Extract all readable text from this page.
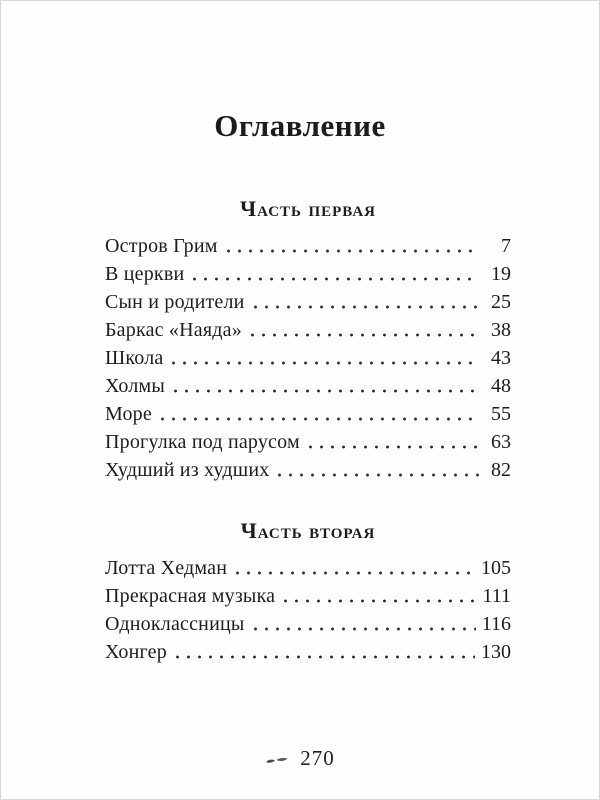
Оглавление
Часть первая
Остров Грим	7
В церкви	19
Сын и родители	25
Баркас «Наяда»	38
Школа	43
Холмы	48
Море	55
Прогулка под парусом	63
Худший из худших	82
Часть вторая
Лотта Хедман	105
Прекрасная музыка	111
Одноклассницы	116
Хонгер	130
270
